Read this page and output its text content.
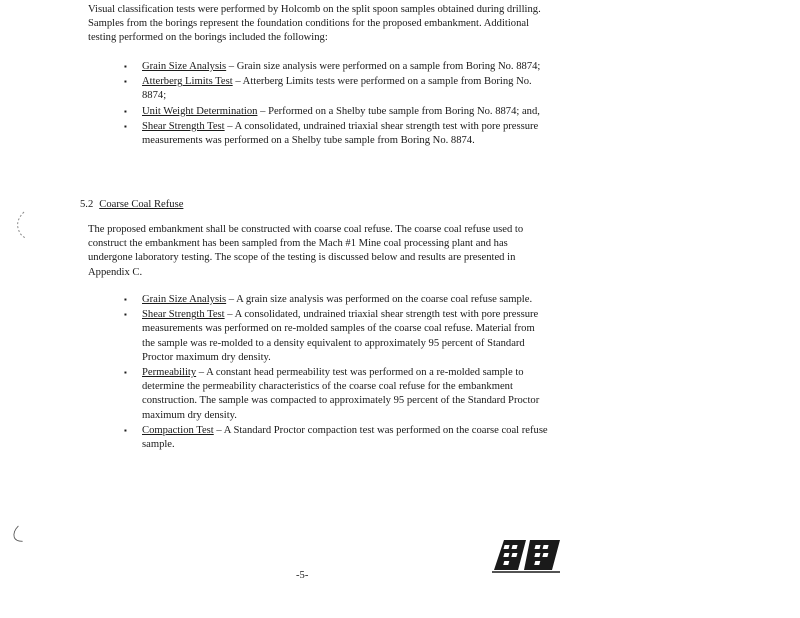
Visual classification tests were performed by Holcomb on the split spoon samples obtained during drilling. Samples from the borings represent the foundation conditions for the proposed embankment. Additional testing performed on the borings included the following:

▪ Grain Size Analysis – Grain size analysis were performed on a sample from Boring No. 8874;
▪ Atterberg Limits Test – Atterberg Limits tests were performed on a sample from Boring No. 8874;
▪ Unit Weight Determination – Performed on a Shelby tube sample from Boring No. 8874; and,
▪ Shear Strength Test – A consolidated, undrained triaxial shear strength test with pore pressure measurements was performed on a Shelby tube sample from Boring No. 8874.
5.2 Coarse Coal Refuse

The proposed embankment shall be constructed with coarse coal refuse. The coarse coal refuse used to construct the embankment has been sampled from the Mach #1 Mine coal processing plant and has undergone laboratory testing. The scope of the testing is discussed below and results are presented in Appendix C.

▪ Grain Size Analysis – A grain size analysis was performed on the coarse coal refuse sample.
▪ Shear Strength Test – A consolidated, undrained triaxial shear strength test with pore pressure measurements was performed on re-molded samples of the coarse coal refuse. Material from the sample was re-molded to a density equivalent to approximately 95 percent of Standard Proctor maximum dry density.
▪ Permeability – A constant head permeability test was performed on a re-molded sample to determine the permeability characteristics of the coarse coal refuse for the embankment construction. The sample was compacted to approximately 95 percent of the Standard Proctor maximum dry density.
▪ Compaction Test – A Standard Proctor compaction test was performed on the coarse coal refuse sample.
-5-
